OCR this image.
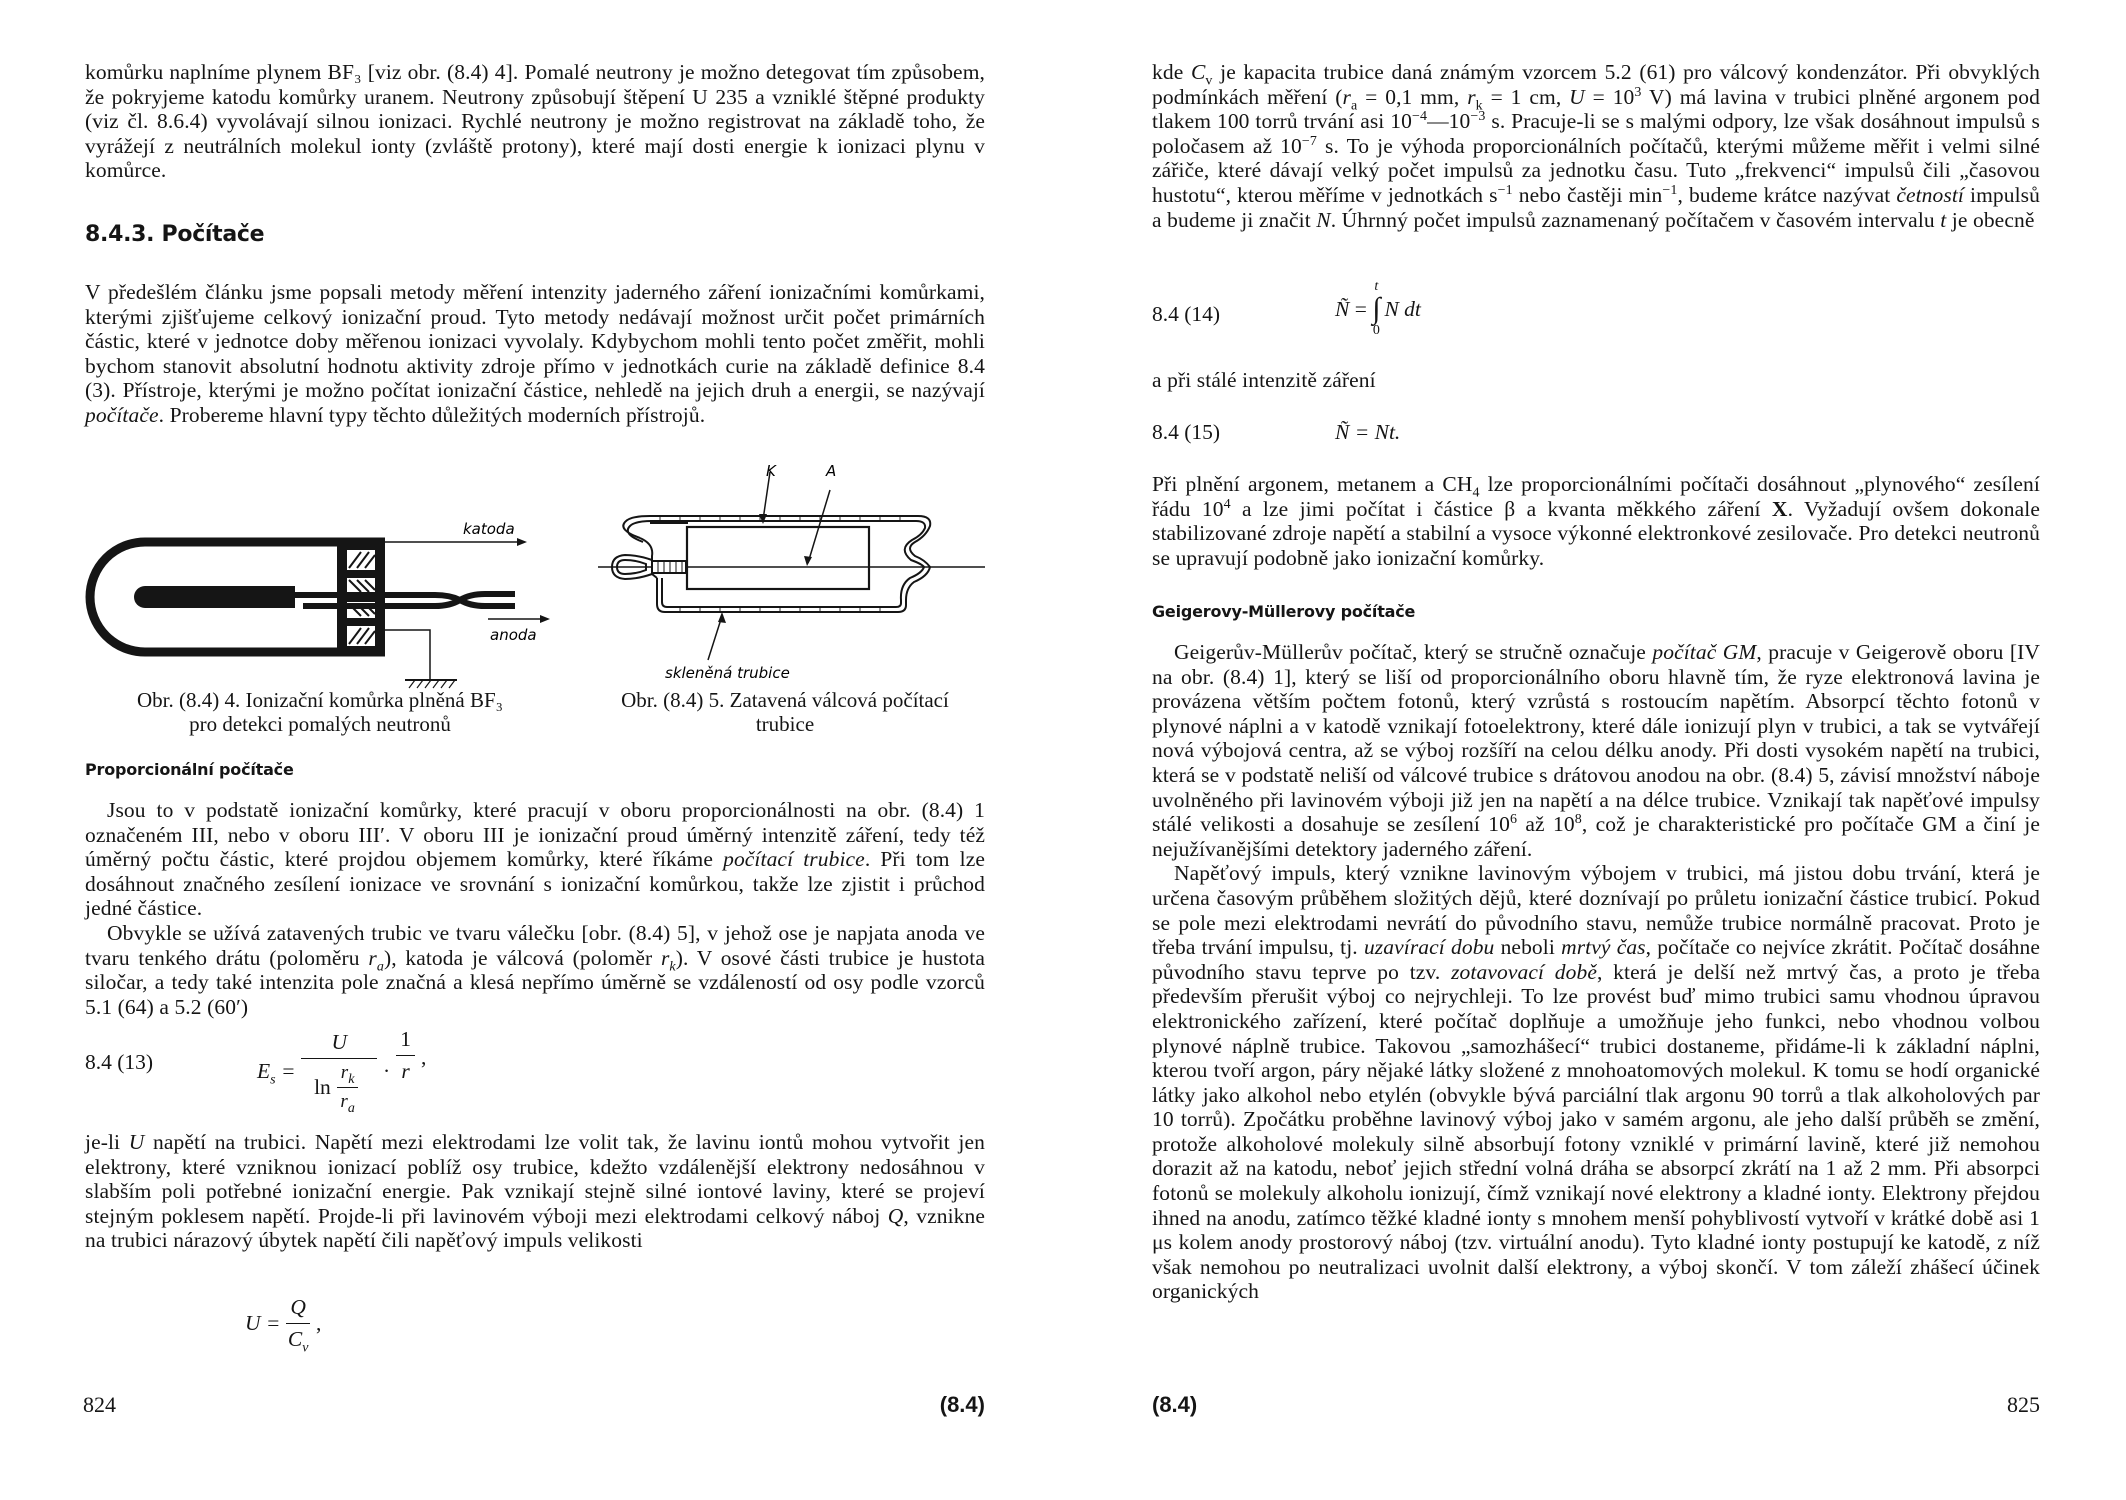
komůrku naplníme plynem BF₃ [viz obr. (8.4) 4]. Pomalé neutrony je možno detegovat tím způsobem, že pokryjeme katodu komůrky uranem. Neutrony způsobují štěpení U 235 a vzniklé štěpné produkty (viz čl. 8.6.4) vyvolávají silnou ionizaci. Rychlé neutrony je možno registrovat na základě toho, že vyrážejí z neutrálních molekul ionty (zvláště protony), které mají dosti energie k ionizaci plynu v komůrce.

8.4.3. Počítače

V předešlém článku jsme popsali metody měření intenzity jaderného záření ionizačními komůrkami, kterými zjišťujeme celkový ionizační proud. Tyto metody nedávají možnost určit počet primárních částic, které v jednotce doby měřenou ionizaci vyvolaly. Kdybychom mohli tento počet změřit, mohli bychom stanovit absolutní hodnotu aktivity zdroje přímo v jednotkách curie na základě definice 8.4 (3). Přístroje, kterými je možno počítat ionizační částice, nehledě na jejich druh a energii, se nazývají počítače. Probereme hlavní typy těchto důležitých moderních přístrojů.

katoda
anoda
Obr. (8.4) 4. Ionizační komůrka plněná BF₃
pro detekci pomalých neutronů
K	A
skleněná trubice
Obr. (8.4) 5. Zatavená válcová počítací
trubice
Proporcionální počítače

Jsou to v podstatě ionizační komůrky, které pracují v oboru proporcionálnosti na obr. (8.4) 1 označeném III, nebo v oboru III′. V oboru III je ionizační proud úměrný intenzitě záření, tedy též úměrný počtu částic, které projdou objemem komůrky, které říkáme počítací trubice. Při tom lze dosáhnout značného zesílení ionizace ve srovnání s ionizační komůrkou, takže lze zjistit i průchod jedné částice.

Obvykle se užívá zatavených trubic ve tvaru válečku [obr. (8.4) 5], v jehož ose je napjata anoda ve tvaru tenkého drátu (poloměru $r_a$), katoda je válcová (poloměr $r_k$). V osové části trubice je hustota siločar, a tedy také intenzita pole značná a klesá nepřímo úměrně se vzdáleností od osy podle vzorců 5.1 (64) a 5.2 (60′)

8.4 (13)	$E_s = \frac{U}{\ln \frac{r_k}{r_a}} \cdot \frac{1}{r}$ ,

je-li U napětí na trubici. Napětí mezi elektrodami lze volit tak, že lavinu iontů mohou vytvořit jen elektrony, které vzniknou ionizací poblíž osy trubice, kdežto vzdálenější elektrony nedosáhnou v slabším poli potřebné ionizační energie. Pak vznikají stejně silné iontové laviny, které se projeví stejným poklesem napětí. Projde-li při lavinovém výboji mezi elektrodami celkový náboj Q, vznikne na trubici nárazový úbytek napětí čili napěťový impuls velikosti

$U = \frac{Q}{C_v}$ ,
824	(8.4)

kde $C_v$ je kapacita trubice daná známým vzorcem 5.2 (61) pro válcový kondenzátor. Při obvyklých podmínkách měření ($r_a = 0,1$ mm, $r_k = 1$ cm, $U = 10^3$ V) má lavina v trubici plněné argonem pod tlakem 100 torrů trvání asi $10^{-4}—10^{-3}$ s. Pracuje-li se s malými odpory, lze však dosáhnout impulsů s poločasem až $10^{-7}$ s. To je výhoda proporcionálních počítačů, kterými můžeme měřit i velmi silné zářiče, které dávají velký počet impulsů za jednotku času. Tuto „frekvenci“ impulsů čili „časovou hustotu“, kterou měříme v jednotkách $s^{-1}$ nebo častěji $\min^{-1}$, budeme krátce nazývat četností impulsů a budeme ji značit N. Úhrnný počet impulsů zaznamenaný počítačem v časovém intervalu t je obecně

8.4 (14)	Ñ =
t
∫
0
N dt

a při stálé intenzitě záření

8.4 (15)	Ñ = Nt.

Při plnění argonem, metanem a $CH_4$ lze proporcionálními počítači dosáhnout „plynového“ zesílení řádu $10^4$ a lze jimi počítat i částice β a kvanta měkkého záření X. Vyžadují ovšem dokonale stabilizované zdroje napětí a stabilní a vysoce výkonné elektronkové zesilovače. Pro detekci neutronů se upravují podobně jako ionizační komůrky.

Geigerovy-Müllerovy počítače

Geigerův-Müllerův počítač, který se stručně označuje počítač GM, pracuje v Geigerově oboru [IV na obr. (8.4) 1], který se liší od proporcionálního oboru hlavně tím, že ryze elektronová lavina je provázena větším počtem fotonů, který vzrůstá s rostoucím napětím. Absorpcí těchto fotonů v plynové náplni a v katodě vznikají fotoelektrony, které dále ionizují plyn v trubici, a tak se vytvářejí nová výbojová centra, až se výboj rozšíří na celou délku anody. Při dosti vysokém napětí na trubici, která se v podstatě neliší od válcové trubice s drátovou anodou na obr. (8.4) 5, závisí množství náboje uvolněného při lavinovém výboji již jen na napětí a na délce trubice. Vznikají tak napěťové impulsy stálé velikosti a dosahuje se zesílení $10^6$ až $10^8$, což je charakteristické pro počítače GM a činí je nejužívanějšími detektory jaderného záření.

Napěťový impuls, který vznikne lavinovým výbojem v trubici, má jistou dobu trvání, která je určena časovým průběhem složitých dějů, které doznívají po průletu ionizační částice trubicí. Pokud se pole mezi elektrodami nevrátí do původního stavu, nemůže trubice normálně pracovat. Proto je třeba trvání impulsu, tj. uzavírací dobu neboli mrtvý čas, počítače co nejvíce zkrátit. Počítač dosáhne původního stavu teprve po tzv. zotavovací době, která je delší než mrtvý čas, a proto je třeba především přerušit výboj co nejrychleji. To lze provést buď mimo trubici samu vhodnou úpravou elektronického zařízení, které počítač doplňuje a umožňuje jeho funkci, nebo vhodnou volbou plynové náplně trubice. Takovou „samozhášecí“ trubici dostaneme, přidáme-li k základní náplni, kterou tvoří argon, páry nějaké látky složené z mnohoatomových molekul. K tomu se hodí organické látky jako alkohol nebo etylén (obvykle bývá parciální tlak argonu 90 torrů a tlak alkoholových par 10 torrů). Zpočátku proběhne lavinový výboj jako v samém argonu, ale jeho další průběh se změní, protože alkoholové molekuly silně absorbují fotony vzniklé v primární lavině, které již nemohou dorazit až na katodu, neboť jejich střední volná dráha se absorpcí zkrátí na 1 až 2 mm. Při absorpci fotonů se molekuly alkoholu ionizují, čímž vznikají nové elektrony a kladné ionty. Elektrony přejdou ihned na anodu, zatímco těžké kladné ionty s mnohem menší pohyblivostí vytvoří v krátké době asi 1 μs kolem anody prostorový náboj (tzv. virtuální anodu). Tyto kladné ionty postupují ke katodě, z níž však nemohou po neutralizaci uvolnit další elektrony, a výboj skončí. V tom záleží zhášecí účinek organických

(8.4)	825
